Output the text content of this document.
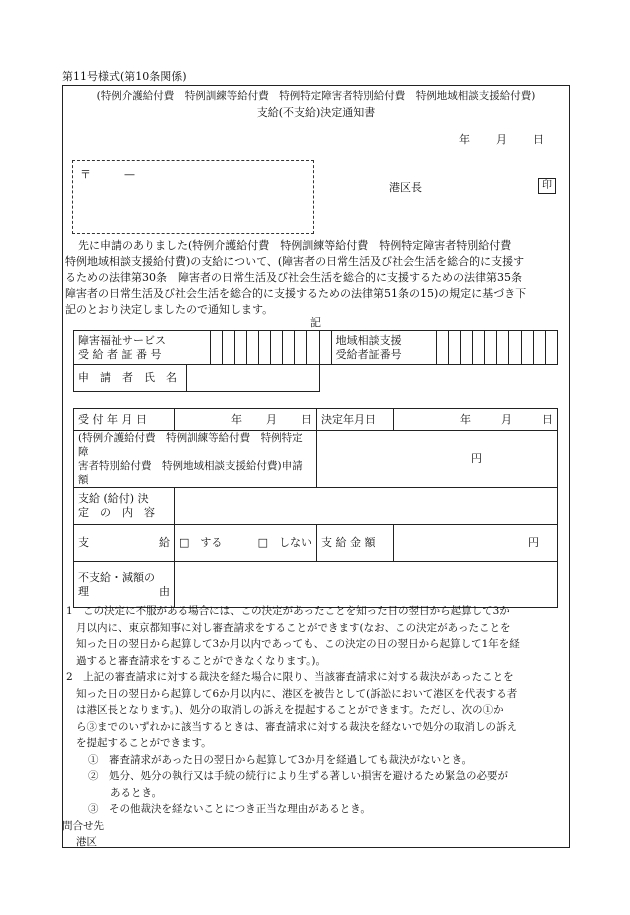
第11号様式(第10条関係)
(特例介護給付費　特例訓練等給付費　特例特定障害者特別給付費　特例地域相談支援給付費)
支給(不支給)決定通知書
年 月 日
〒	—
港区長	印
先に申請のありました(特例介護給付費　特例訓練等給付費　特例特定障害者特別給付費
特例地域相談支援給付費)の支給について、(障害者の日常生活及び社会生活を総合的に支援す
るための法律第30条　障害者の日常生活及び社会生活を総合的に支援するための法律第35条
障害者の日常生活及び社会生活を総合的に支援するための法律第51条の15)の規定に基づき下
記のとおり決定しましたので通知します。
記
障害福祉サービス
受 給 者 証 番 号

地域相談支援
受給者証番号

申　請　者　氏　名	
受 付 年 月 日	年 月 日	決定年月日	年 月 日

(特例介護給付費　特例訓練等給付費　特例特定障
害者特別給付費　特例地域相談支援給付費)申請額		円	

支給 (給付) 決
定　の　内　容			

支 給	□　する □　しない	支 給 金 額	円

不支給・減額の
理 由			

1　この決定に不服がある場合には、この決定があったことを知った日の翌日から起算して3か

月以内に、東京都知事に対し審査請求をすることができます(なお、この決定があったことを

知った日の翌日から起算して3か月以内であっても、この決定の日の翌日から起算して1年を経

過すると審査請求をすることができなくなります。)。

2　上記の審査請求に対する裁決を経た場合に限り、当該審査請求に対する裁決があったことを

知った日の翌日から起算して6か月以内に、港区を被告として(訴訟において港区を代表する者

は港区長となります。)、処分の取消しの訴えを提起することができます。ただし、次の①か

ら③までのいずれかに該当するときは、審査請求に対する裁決を経ないで処分の取消しの訴え

を提起することができます。

①　審査請求があった日の翌日から起算して3か月を経過しても裁決がないとき。

②　処分、処分の執行又は手続の続行により生ずる著しい損害を避けるため緊急の必要が

あるとき。

③　その他裁決を経ないことにつき正当な理由があるとき。

問合せ先

港区
